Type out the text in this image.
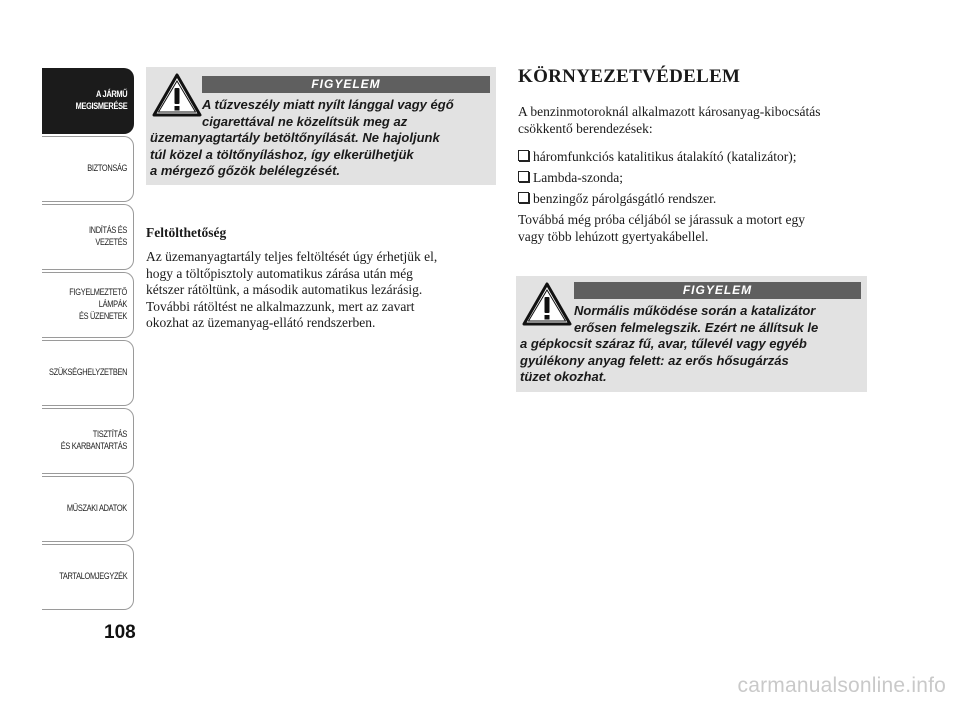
A JÁRMŰ
MEGISMERÉSE
BIZTONSÁG
INDÍTÁS ÉS VEZETÉS
FIGYELMEZTETŐ
LÁMPÁK
ÉS ÜZENETEK
SZÜKSÉGHELYZETBEN
TISZTÍTÁS
ÉS KARBANTARTÁS
MŰSZAKI ADATOK
TARTALOMJEGYZÉK
108
FIGYELEM
A tűzveszély miatt nyílt lánggal vagy égő
cigarettával ne közelítsük meg az
üzemanyagtartály betöltőnyílását. Ne hajoljunk
túl közel a töltőnyíláshoz, így elkerülhetjük
a mérgező gőzök belélegzését.
Feltölthetőség
Az üzemanyagtartály teljes feltöltését úgy érhetjük el,
hogy a töltőpisztoly automatikus zárása után még
kétszer rátöltünk, a második automatikus lezárásig.
További rátöltést ne alkalmazzunk, mert az zavart
okozhat az üzemanyag-ellátó rendszerben.
KÖRNYEZETVÉDELEM
A benzinmotoroknál alkalmazott károsanyag-kibocsátás
csökkentő berendezések:
háromfunkciós katalitikus átalakító (katalizátor);
Lambda-szonda;
benzingőz párolgásgátló rendszer.
Továbbá még próba céljából se járassuk a motort egy
vagy több lehúzott gyertyakábellel.
FIGYELEM
Normális működése során a katalizátor
erősen felmelegszik. Ezért ne állítsuk le
a gépkocsit száraz fű, avar, tűlevél vagy egyéb
gyúlékony anyag felett: az erős hősugárzás
tüzet okozhat.
carmanualsonline.info
